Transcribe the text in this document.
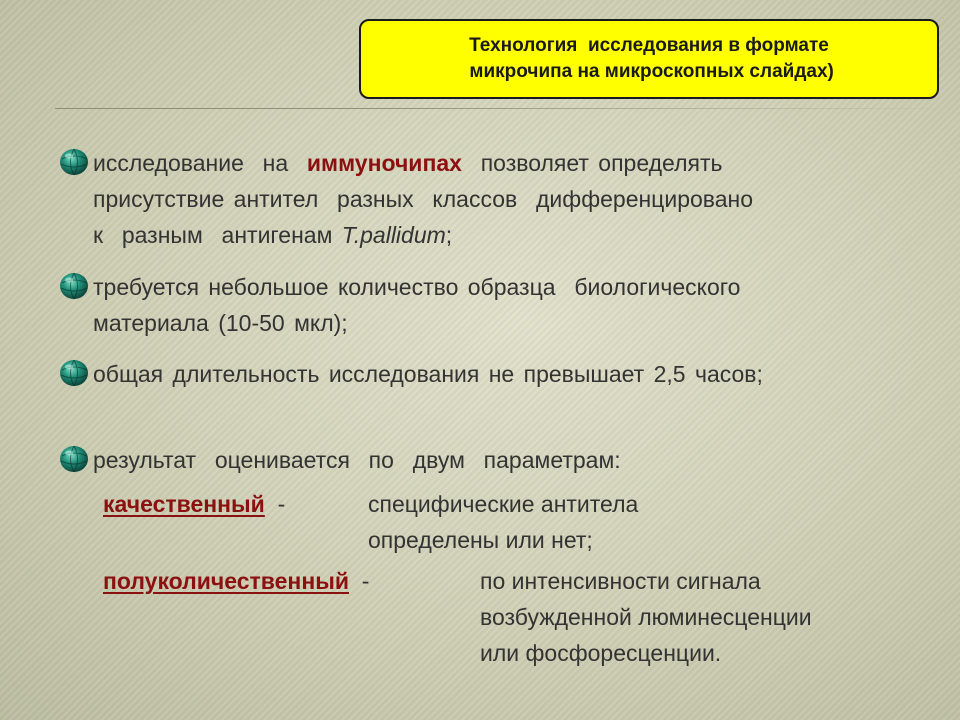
Технология  исследования в формате
микрочипа на микроскопных слайдах)
исследование  на  иммуночипах  позволяет определять
присутствие антител  разных  классов  дифференцировано
к  разным  антигенам T.pallidum;
требуется небольшое количество образца  биологического
материала (10-50 мкл);
общая длительность исследования не превышает 2,5 часов;
результат  оценивается  по  двум  параметрам:
качественный  -	специфические антитела
определены или нет;
полуколичественный  -	по интенсивности сигнала
возбужденной люминесценции
или фосфоресценции.
